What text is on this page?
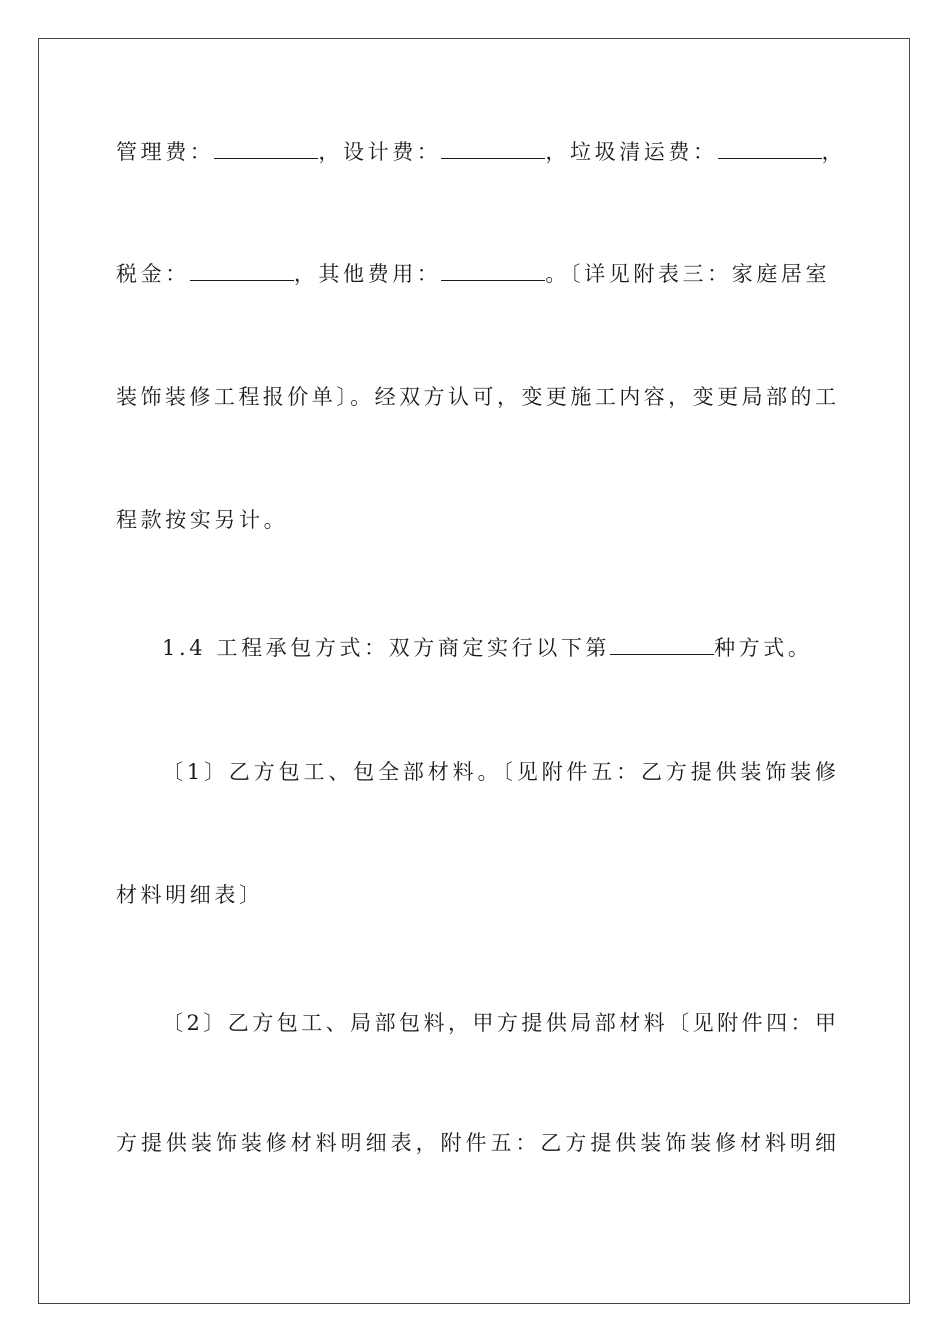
管理费：	，设计费：	，垃圾清运费：	，
税金：	，其他费用：	。〔详见附表三：家庭居室
装饰装修工程报价单〕。经双方认可，变更施工内容，变更局部的工
程款按实另计。
1.4 工程承包方式：双方商定实行以下第	种方式。
〔1〕乙方包工、包全部材料。〔见附件五：乙方提供装饰装修
材料明细表〕
〔2〕乙方包工、局部包料，甲方提供局部材料〔见附件四：甲
方提供装饰装修材料明细表，附件五：乙方提供装饰装修材料明细
